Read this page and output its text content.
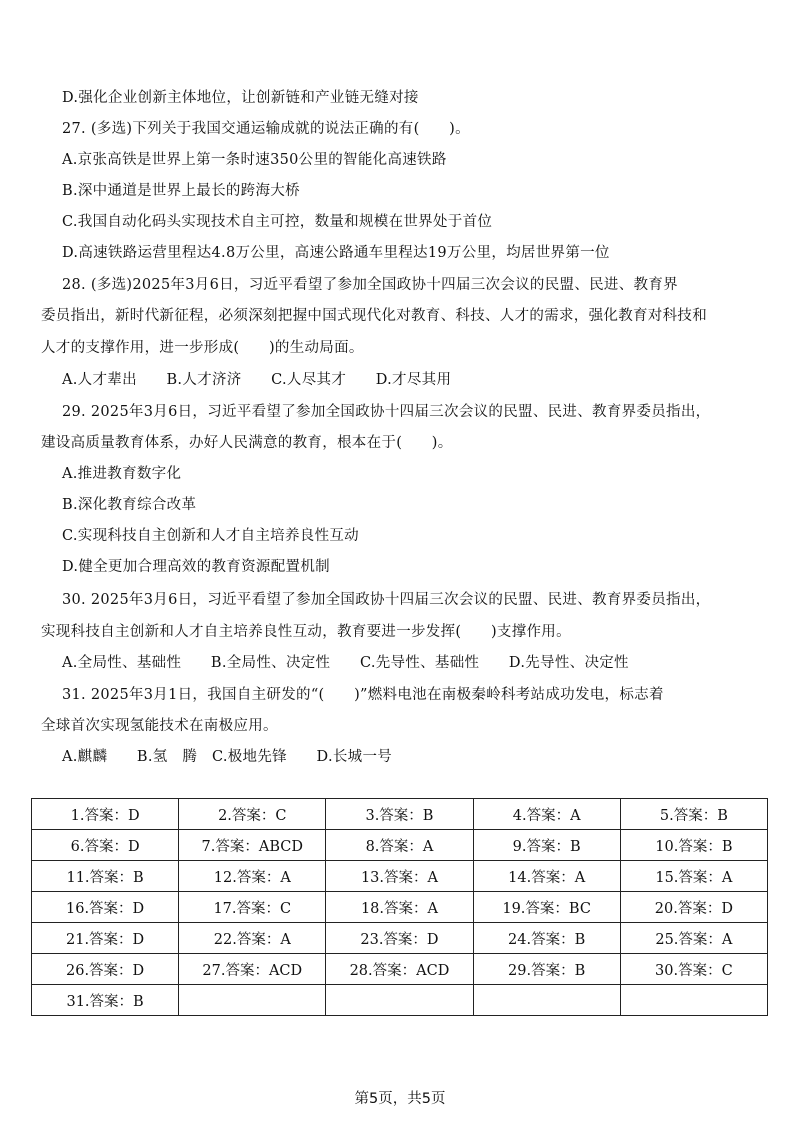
D.强化企业创新主体地位，让创新链和产业链无缝对接
27. (多选)下列关于我国交通运输成就的说法正确的有(　　)。
A.京张高铁是世界上第一条时速350公里的智能化高速铁路
B.深中通道是世界上最长的跨海大桥
C.我国自动化码头实现技术自主可控，数量和规模在世界处于首位
D.高速铁路运营里程达4.8万公里，高速公路通车里程达19万公里，均居世界第一位
28. (多选)2025年3月6日，习近平看望了参加全国政协十四届三次会议的民盟、民进、教育界
委员指出，新时代新征程，必须深刻把握中国式现代化对教育、科技、人才的需求，强化教育对科技和
人才的支撑作用，进一步形成(　　)的生动局面。
A.人才辈出　　B.人才济济　　C.人尽其才　　D.才尽其用
29. 2025年3月6日，习近平看望了参加全国政协十四届三次会议的民盟、民进、教育界委员指出，
建设高质量教育体系，办好人民满意的教育，根本在于(　　)。
A.推进教育数字化
B.深化教育综合改革
C.实现科技自主创新和人才自主培养良性互动
D.健全更加合理高效的教育资源配置机制
30. 2025年3月6日，习近平看望了参加全国政协十四届三次会议的民盟、民进、教育界委员指出，
实现科技自主创新和人才自主培养良性互动，教育要进一步发挥(　　)支撑作用。
A.全局性、基础性　　B.全局性、决定性　　C.先导性、基础性　　D.先导性、决定性
31. 2025年3月1日，我国自主研发的“(　　)”燃料电池在南极秦岭科考站成功发电，标志着
全球首次实现氢能技术在南极应用。
A.麒麟　　B.氢　腾　C.极地先锋　　D.长城一号
1.答案：D	2.答案：C	3.答案：B	4.答案：A	5.答案：B
6.答案：D	7.答案：ABCD	8.答案：A	9.答案：B	10.答案：B
11.答案：B	12.答案：A	13.答案：A	14.答案：A	15.答案：A
16.答案：D	17.答案：C	18.答案：A	19.答案：BC	20.答案：D
21.答案：D	22.答案：A	23.答案：D	24.答案：B	25.答案：A
26.答案：D	27.答案：ACD	28.答案：ACD	29.答案：B	30.答案：C
31.答案：B				
第5页，共5页
